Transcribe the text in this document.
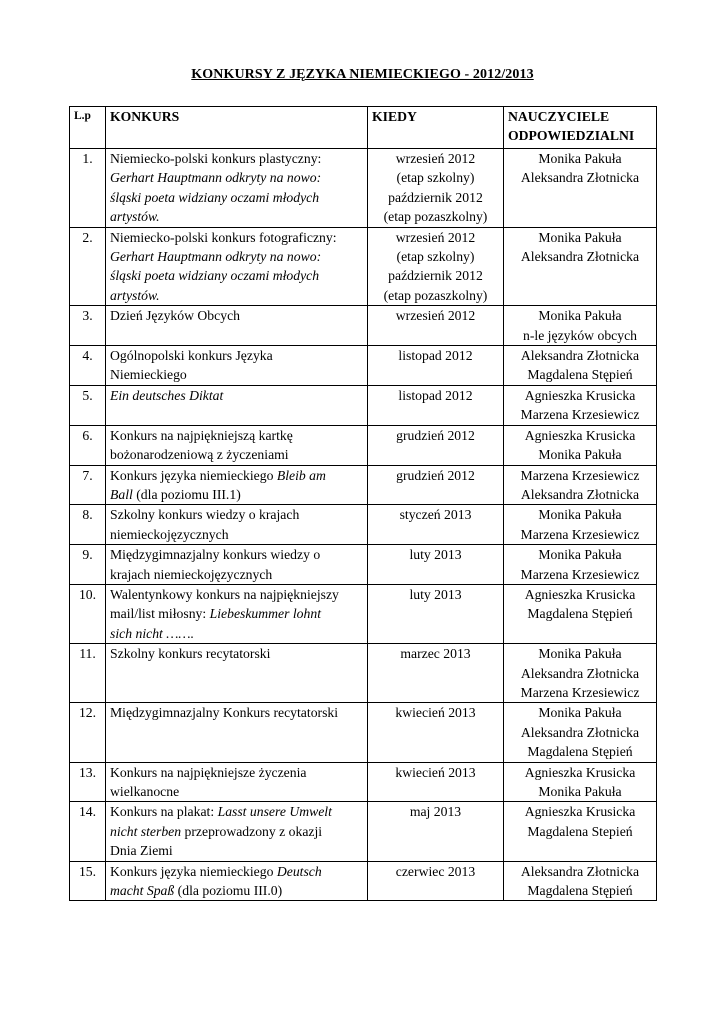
KONKURSY Z JĘZYKA NIEMIECKIEGO - 2012/2013
L.p	KONKURS	KIEDY	NAUCZYCIELE
ODPOWIEDZIALNI

1.	Niemiecko-polski konkurs plastyczny:
Gerhart Hauptmann odkryty na nowo:
śląski poeta widziany oczami młodych
artystów.	wrzesień 2012
(etap szkolny)
październik 2012
(etap pozaszkolny)	Monika Pakuła
Aleksandra Złotnicka

2.	Niemiecko-polski konkurs fotograficzny:
Gerhart Hauptmann odkryty na nowo:
śląski poeta widziany oczami młodych
artystów.	wrzesień 2012
(etap szkolny)
październik 2012
(etap pozaszkolny)	Monika Pakuła
Aleksandra Złotnicka

3.	Dzień Języków Obcych	wrzesień 2012	Monika Pakuła
n-le języków obcych

4.	Ogólnopolski konkurs Języka
Niemieckiego	listopad 2012	Aleksandra Złotnicka
Magdalena Stępień

5.	Ein deutsches Diktat	listopad 2012	Agnieszka Krusicka
Marzena Krzesiewicz

6.	Konkurs na najpiękniejszą kartkę
bożonarodzeniową z życzeniami	grudzień 2012	Agnieszka Krusicka
Monika Pakuła

7.	Konkurs języka niemieckiego Bleib am
Ball (dla poziomu III.1)	grudzień 2012	Marzena Krzesiewicz
Aleksandra Złotnicka

8.	Szkolny konkurs wiedzy o krajach
niemieckojęzycznych	styczeń 2013	Monika Pakuła
Marzena Krzesiewicz

9.	Międzygimnazjalny konkurs wiedzy o
krajach niemieckojęzycznych	luty 2013	Monika Pakuła
Marzena Krzesiewicz

10.	Walentynkowy konkurs na najpiękniejszy
mail/list miłosny: Liebeskummer lohnt
sich nicht …….	luty 2013	Agnieszka Krusicka
Magdalena Stępień

11.	Szkolny konkurs recytatorski	marzec 2013	Monika Pakuła
Aleksandra Złotnicka
Marzena Krzesiewicz

12.	Międzygimnazjalny Konkurs recytatorski	kwiecień 2013	Monika Pakuła
Aleksandra Złotnicka
Magdalena Stępień

13.	Konkurs na najpiękniejsze życzenia
wielkanocne	kwiecień 2013	Agnieszka Krusicka
Monika Pakuła

14.	Konkurs na plakat: Lasst unsere Umwelt
nicht sterben przeprowadzony z okazji
Dnia Ziemi	maj 2013	Agnieszka Krusicka
Magdalena Stepień

15.	Konkurs języka niemieckiego Deutsch
macht Spaß (dla poziomu III.0)	czerwiec 2013	Aleksandra Złotnicka
Magdalena Stępień
